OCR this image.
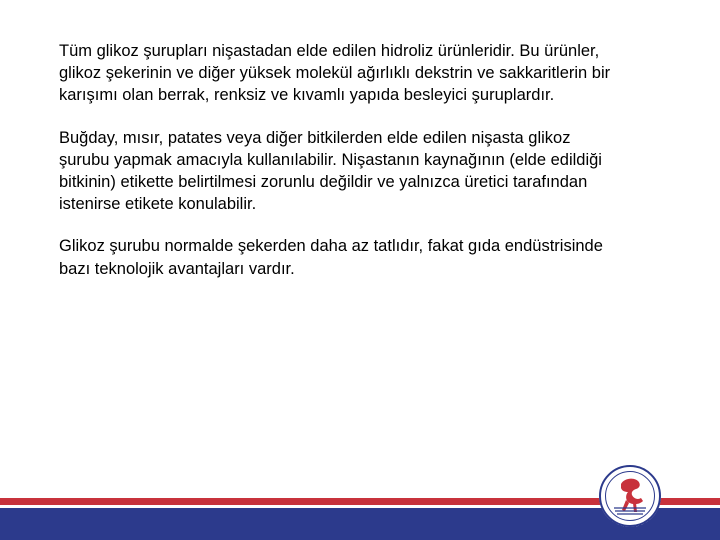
Tüm glikoz şurupları nişastadan elde edilen hidroliz ürünleridir. Bu ürünler, glikoz şekerinin ve diğer yüksek molekül ağırlıklı dekstrin ve sakkaritlerin bir karışımı olan berrak, renksiz ve kıvamlı yapıda besleyici şuruplardır.

Buğday, mısır, patates veya diğer bitkilerden elde edilen nişasta glikoz şurubu yapmak amacıyla kullanılabilir. Nişastanın kaynağının (elde edildiği bitkinin) etikette belirtilmesi zorunlu değildir ve yalnızca üretici tarafından istenirse etikete konulabilir.

Glikoz şurubu normalde şekerden daha az tatlıdır, fakat gıda endüstrisinde bazı teknolojik avantajları vardır.
